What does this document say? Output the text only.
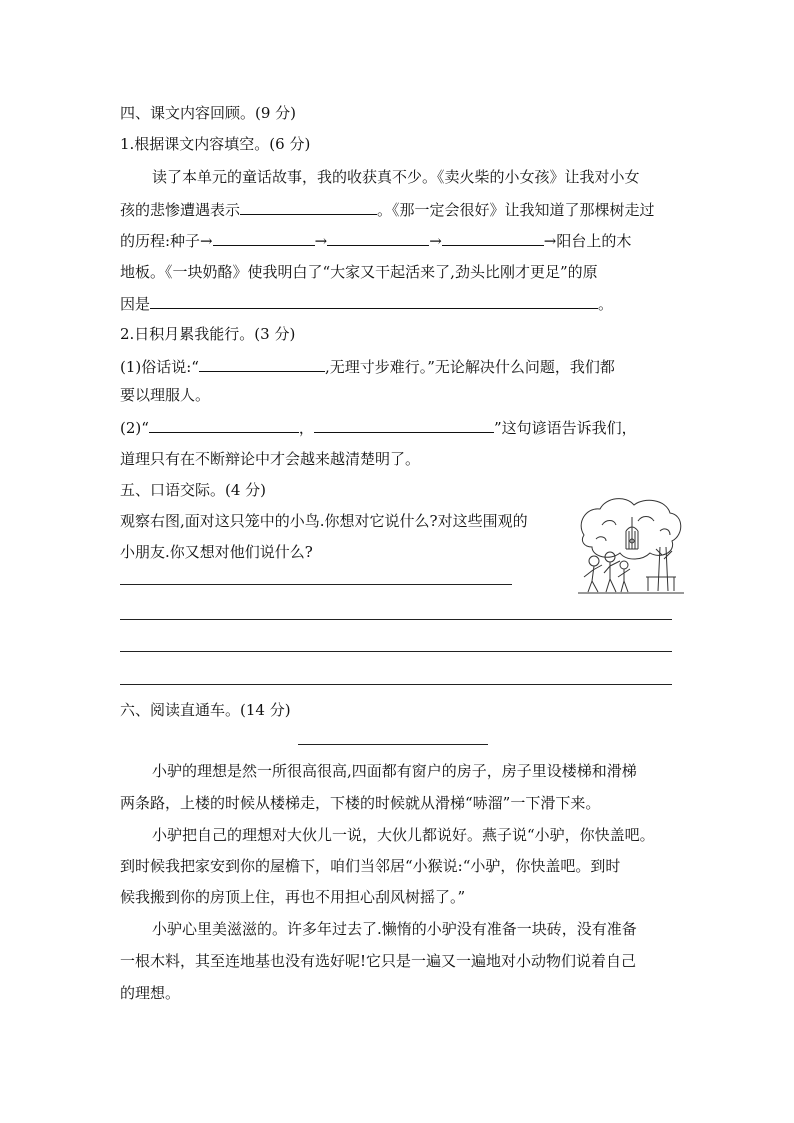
四、课文内容回顾。(9 分)
1.根据课文内容填空。(6 分)
读了本单元的童话故事，我的收获真不少。《卖火柴的小女孩》让我对小女
孩的悲惨遭遇表示	。《那一定会很好》让我知道了那棵树走过
的历程:种子→	→	→	→阳台上的木
地板。《一块奶酪》使我明白了“大家又干起活来了,劲头比刚才更足”的原
因是	。
2.日积月累我能行。(3 分)
(1)俗话说:“	,无理寸步难行。”无论解决什么问题，我们都
要以理服人。
(2)“	，	”这句谚语告诉我们，
道理只有在不断辩论中才会越来越清楚明了。
五、口语交际。(4 分)
观察右图,面对这只笼中的小鸟.你想对它说什么?对这些围观的
小朋友.你又想对他们说什么?
六、阅读直通车。(14 分)
小驴的理想是然一所很高很高,四面都有窗户的房子，房子里设楼梯和滑梯
两条路，上楼的时候从楼梯走，下楼的时候就从滑梯“哧溜”一下滑下来。
小驴把自己的理想对大伙儿一说，大伙儿都说好。燕子说“小驴，你快盖吧。
到时候我把家安到你的屋檐下，咱们当邻居“小猴说:“小驴，你快盖吧。到时
候我搬到你的房顶上住，再也不用担心刮风树摇了。”
小驴心里美滋滋的。许多年过去了.懒惰的小驴没有准备一块砖，没有准备
一根木料，其至连地基也没有选好呢!它只是一遍又一遍地对小动物们说着自己
的理想。
